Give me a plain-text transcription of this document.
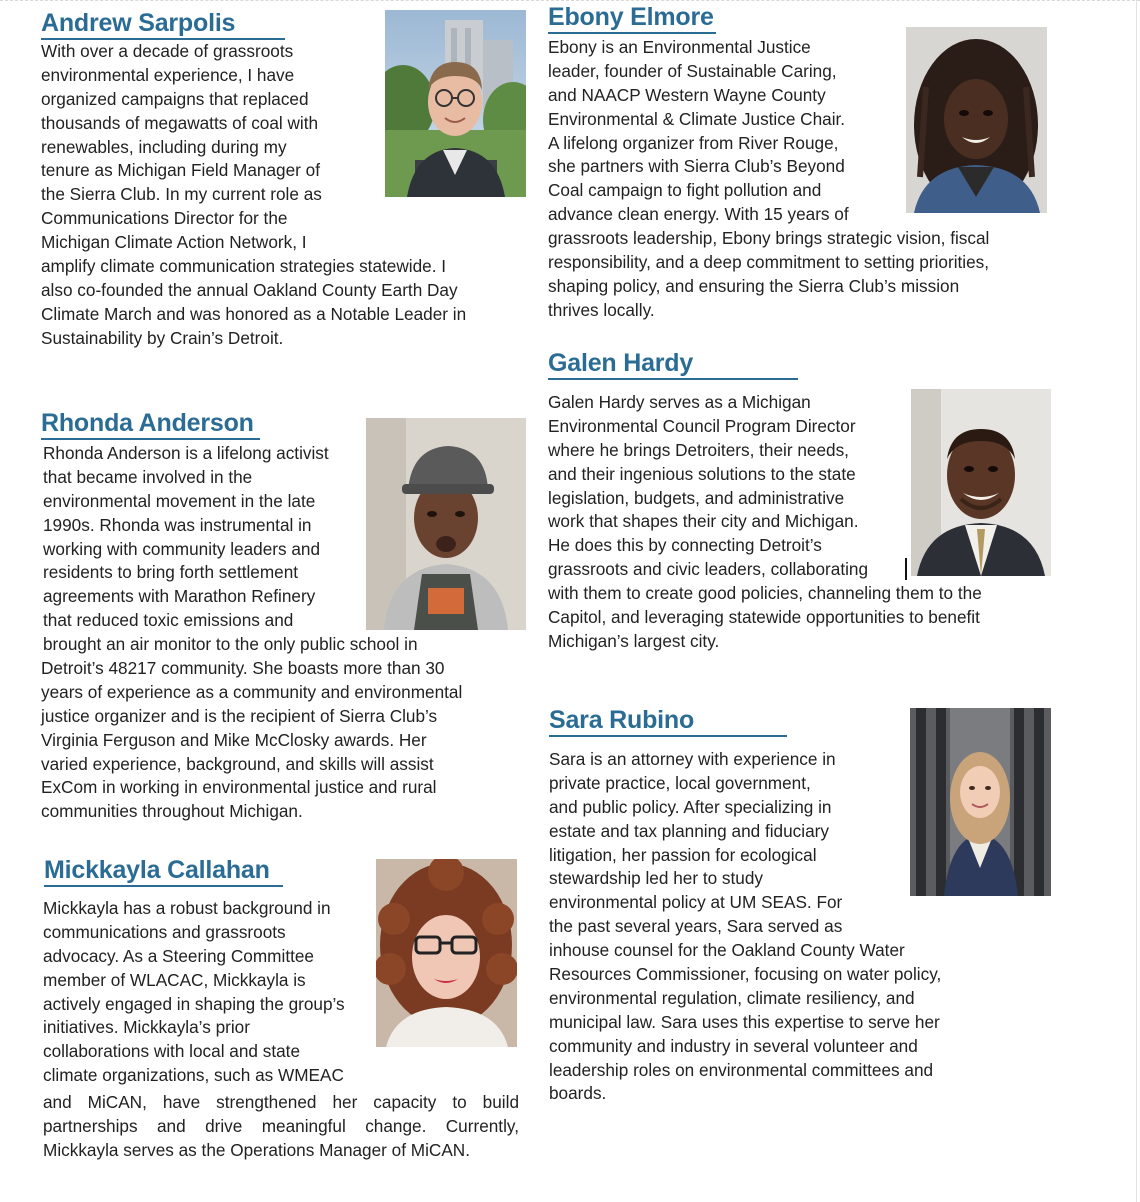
Andrew Sarpolis
With over a decade of grassroots
environmental experience, I have
organized campaigns that replaced
thousands of megawatts of coal with
renewables, including during my
tenure as Michigan Field Manager of
the Sierra Club. In my current role as
Communications Director for the
Michigan Climate Action Network, I
amplify climate communication strategies statewide. I
also co-founded the annual Oakland County Earth Day
Climate March and was honored as a Notable Leader in
Sustainability by Crain’s Detroit.
Rhonda Anderson
Rhonda Anderson is a lifelong activist
that became involved in the
environmental movement in the late
1990s. Rhonda was instrumental in
working with community leaders and
residents to bring forth settlement
agreements with Marathon Refinery
that reduced toxic emissions and
brought an air monitor to the only public school in
Detroit’s 48217 community. She boasts more than 30
years of experience as a community and environmental
justice organizer and is the recipient of Sierra Club’s
Virginia Ferguson and Mike McClosky awards. Her
varied experience, background, and skills will assist
ExCom in working in environmental justice and rural
communities throughout Michigan.
Mickkayla Callahan
Mickkayla has a robust background in
communications and grassroots
advocacy. As a Steering Committee
member of WLACAC, Mickkayla is
actively engaged in shaping the group’s
initiatives. Mickkayla’s prior
collaborations with local and state
climate organizations, such as WMEAC
and MiCAN, have strengthened her capacity to build
partnerships and drive meaningful change. Currently,
Mickkayla serves as the Operations Manager of MiCAN.
Ebony Elmore
Ebony is an Environmental Justice
leader, founder of Sustainable Caring,
and NAACP Western Wayne County
Environmental & Climate Justice Chair.
A lifelong organizer from River Rouge,
she partners with Sierra Club’s Beyond
Coal campaign to fight pollution and
advance clean energy. With 15 years of
grassroots leadership, Ebony brings strategic vision, fiscal
responsibility, and a deep commitment to setting priorities,
shaping policy, and ensuring the Sierra Club’s mission
thrives locally.
Galen Hardy
Galen Hardy serves as a Michigan
Environmental Council Program Director
where he brings Detroiters, their needs,
and their ingenious solutions to the state
legislation, budgets, and administrative
work that shapes their city and Michigan.
He does this by connecting Detroit’s
grassroots and civic leaders, collaborating
with them to create good policies, channeling them to the
Capitol, and leveraging statewide opportunities to benefit
Michigan’s largest city.
Sara Rubino
Sara is an attorney with experience in
private practice, local government,
and public policy. After specializing in
estate and tax planning and fiduciary
litigation, her passion for ecological
stewardship led her to study
environmental policy at UM SEAS. For
the past several years, Sara served as
inhouse counsel for the Oakland County Water
Resources Commissioner, focusing on water policy,
environmental regulation, climate resiliency, and
municipal law. Sara uses this expertise to serve her
community and industry in several volunteer and
leadership roles on environmental committees and
boards.
